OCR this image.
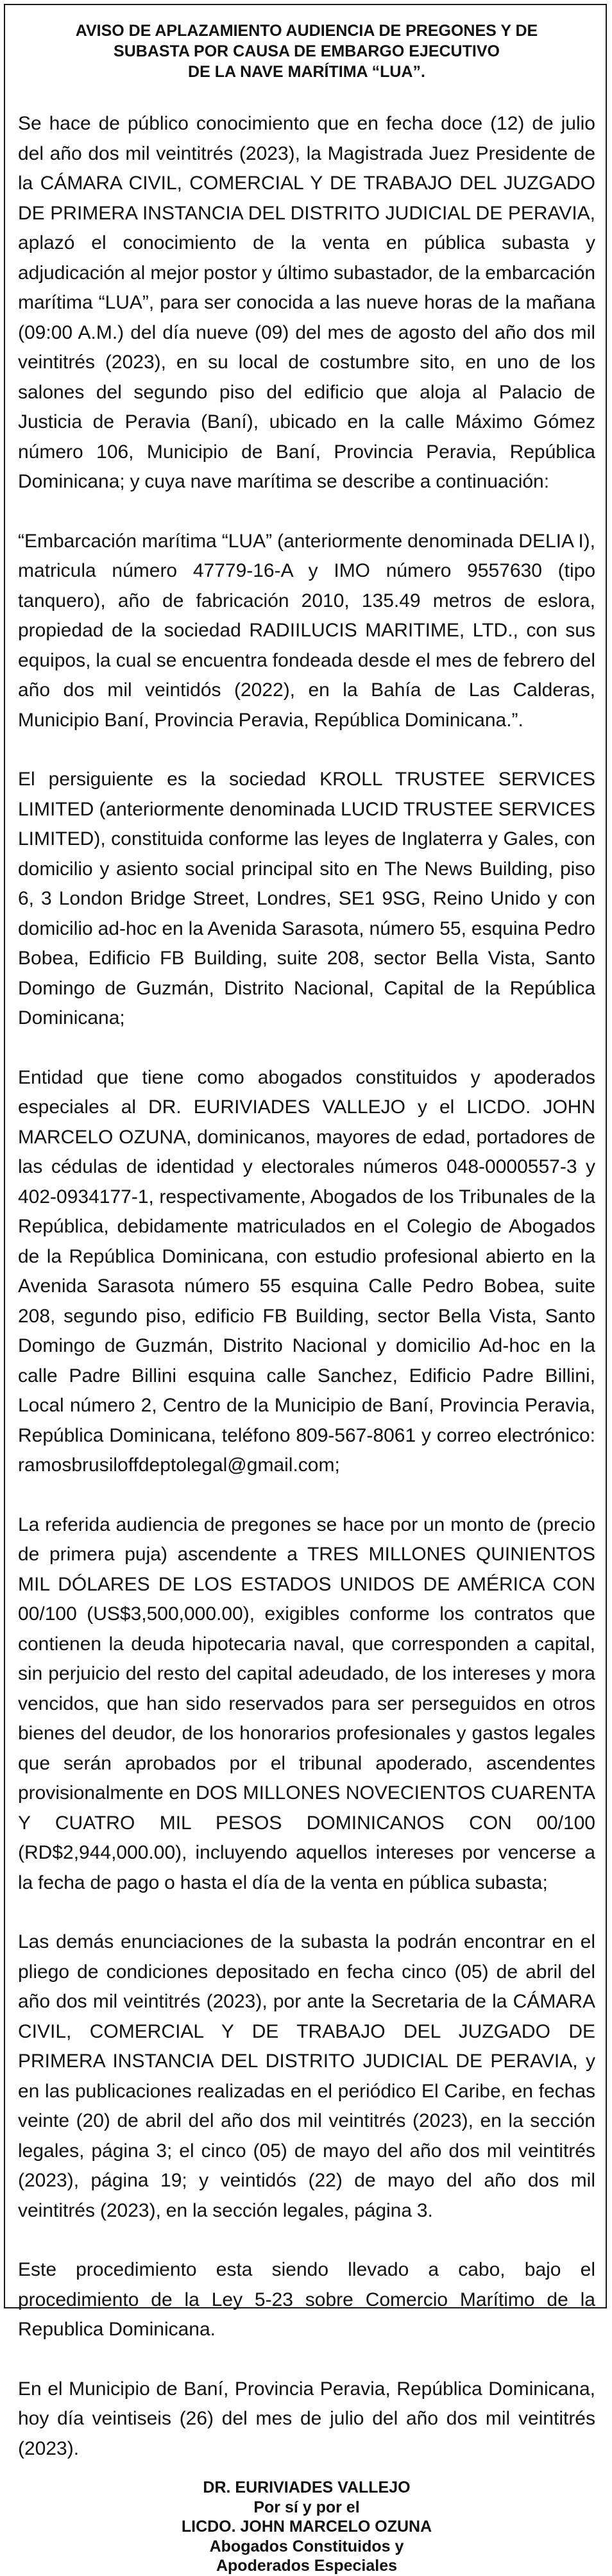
AVISO DE APLAZAMIENTO AUDIENCIA DE PREGONES Y DE
SUBASTA POR CAUSA DE EMBARGO EJECUTIVO
DE LA NAVE MARÍTIMA “LUA”.

Se hace de público conocimiento que en fecha doce (12) de julio del año dos mil veintitrés (2023), la Magistrada Juez Presidente de la CÁMARA CIVIL, COMERCIAL Y DE TRABAJO DEL JUZGADO DE PRIMERA INSTANCIA DEL DISTRITO JUDICIAL DE PERAVIA, aplazó el conocimiento de la venta en pública subasta y adjudicación al mejor postor y último subastador, de la embarcación marítima “LUA”, para ser conocida a las nueve horas de la mañana (09:00 A.M.) del día nueve (09) del mes de agosto del año dos mil veintitrés (2023), en su local de costumbre sito, en uno de los salones del segundo piso del edificio que aloja al Palacio de Justicia de Peravia (Baní), ubicado en la calle Máximo Gómez número 106, Municipio de Baní, Provincia Peravia, República Dominicana; y cuya nave marítima se describe a continuación:

“Embarcación marítima “LUA” (anteriormente denominada DELIA I), matricula número 47779-16-A y IMO número 9557630 (tipo tanquero), año de fabricación 2010, 135.49 metros de eslora, propiedad de la sociedad RADIILUCIS MARITIME, LTD., con sus equipos, la cual se encuentra fondeada desde el mes de febrero del año dos mil veintidós (2022), en la Bahía de Las Calderas, Municipio Baní, Provincia Peravia, República Dominicana.”.

El persiguiente es la sociedad KROLL TRUSTEE SERVICES LIMITED (anteriormente denominada LUCID TRUSTEE SERVICES LIMITED), constituida conforme las leyes de Inglaterra y Gales, con domicilio y asiento social principal sito en The News Building, piso 6, 3 London Bridge Street, Londres, SE1 9SG, Reino Unido y con domicilio ad-hoc en la Avenida Sarasota, número 55, esquina Pedro Bobea, Edificio FB Building, suite 208, sector Bella Vista, Santo Domingo de Guzmán, Distrito Nacional, Capital de la República Dominicana;

Entidad que tiene como abogados constituidos y apoderados especiales al DR. EURIVIADES VALLEJO y el LICDO. JOHN MARCELO OZUNA, dominicanos, mayores de edad, portadores de las cédulas de identidad y electorales números 048-0000557-3 y 402-0934177-1, respectivamente, Abogados de los Tribunales de la República, debidamente matriculados en el Colegio de Abogados de la República Dominicana, con estudio profesional abierto en la Avenida Sarasota número 55 esquina Calle Pedro Bobea, suite 208, segundo piso, edificio FB Building, sector Bella Vista, Santo Domingo de Guzmán, Distrito Nacional y domicilio Ad-hoc en la calle Padre Billini esquina calle Sanchez, Edificio Padre Billini, Local número 2, Centro de la Municipio de Baní, Provincia Peravia, República Dominicana, teléfono 809-567-8061 y correo electrónico: ramosbrusiloffdeptolegal@gmail.com;

La referida audiencia de pregones se hace por un monto de (precio de primera puja) ascendente a TRES MILLONES QUINIENTOS MIL DÓLARES DE LOS ESTADOS UNIDOS DE AMÉRICA CON 00/100 (US$3,500,000.00), exigibles conforme los contratos que contienen la deuda hipotecaria naval, que corresponden a capital, sin perjuicio del resto del capital adeudado, de los intereses y mora vencidos, que han sido reservados para ser perseguidos en otros bienes del deudor, de los honorarios profesionales y gastos legales que serán aprobados por el tribunal apoderado, ascendentes provisionalmente en DOS MILLONES NOVECIENTOS CUARENTA Y CUATRO MIL PESOS DOMINICANOS CON 00/100 (RD$2,944,000.00), incluyendo aquellos intereses por vencerse a la fecha de pago o hasta el día de la venta en pública subasta;

Las demás enunciaciones de la subasta la podrán encontrar en el pliego de condiciones depositado en fecha cinco (05) de abril del año dos mil veintitrés (2023), por ante la Secretaria de la CÁMARA CIVIL, COMERCIAL Y DE TRABAJO DEL JUZGADO DE PRIMERA INSTANCIA DEL DISTRITO JUDICIAL DE PERAVIA, y en las publicaciones realizadas en el periódico El Caribe, en fechas veinte (20) de abril del año dos mil veintitrés (2023), en la sección legales, página 3; el cinco (05) de mayo del año dos mil veintitrés (2023), página 19; y veintidós (22) de mayo del año dos mil veintitrés (2023), en la sección legales, página 3.

Este procedimiento esta siendo llevado a cabo, bajo el procedimiento de la Ley 5-23 sobre Comercio Marítimo de la Republica Dominicana.

En el Municipio de Baní, Provincia Peravia, República Dominicana, hoy día veintiseis (26) del mes de julio del año dos mil veintitrés (2023).

DR. EURIVIADES VALLEJO
Por sí y por el
LICDO. JOHN MARCELO OZUNA
Abogados Constituidos y
Apoderados Especiales
